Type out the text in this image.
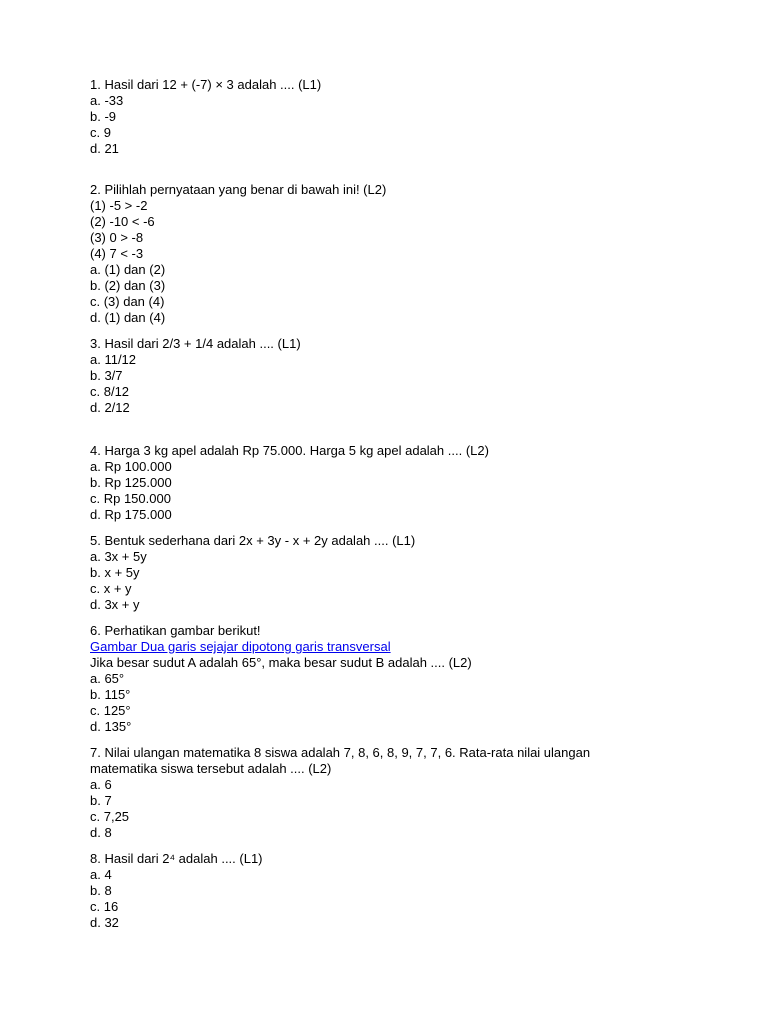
1. Hasil dari 12 + (-7) × 3 adalah .... (L1)
a. -33
b. -9
c. 9
d. 21
2. Pilihlah pernyataan yang benar di bawah ini! (L2)
(1) -5 > -2
(2) -10 < -6
(3) 0 > -8
(4) 7 < -3
a. (1) dan (2)
b. (2) dan (3)
c. (3) dan (4)
d. (1) dan (4)
3. Hasil dari 2/3 + 1/4 adalah .... (L1)
a. 11/12
b. 3/7
c. 8/12
d. 2/12
4. Harga 3 kg apel adalah Rp 75.000. Harga 5 kg apel adalah .... (L2)
a. Rp 100.000
b. Rp 125.000
c. Rp 150.000
d. Rp 175.000
5. Bentuk sederhana dari 2x + 3y - x + 2y adalah .... (L1)
a. 3x + 5y
b. x + 5y
c. x + y
d. 3x + y
6. Perhatikan gambar berikut!
Gambar Dua garis sejajar dipotong garis transversal
Jika besar sudut A adalah 65°, maka besar sudut B adalah .... (L2)
a. 65°
b. 115°
c. 125°
d. 135°
7. Nilai ulangan matematika 8 siswa adalah 7, 8, 6, 8, 9, 7, 7, 6. Rata-rata nilai ulangan matematika siswa tersebut adalah .... (L2)
a. 6
b. 7
c. 7,25
d. 8
8. Hasil dari 2⁴ adalah .... (L1)
a. 4
b. 8
c. 16
d. 32
